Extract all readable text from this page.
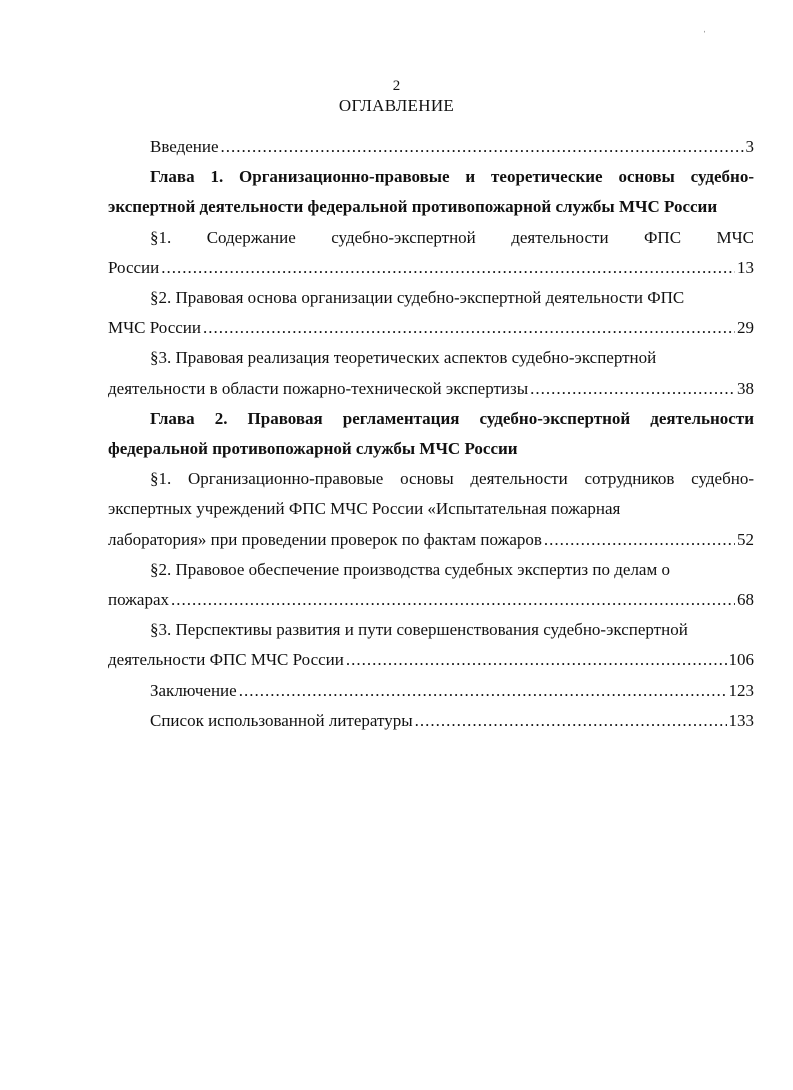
ˈ
2
ОГЛАВЛЕНИЕ
Введение .....	3

Глава 1. Организационно-правовые и теоретические основы судебно-экспертной деятельности федеральной противопожарной службы МЧС России

§1. Содержание судебно-экспертной деятельности ФПС МЧС
России .....	13
§2. Правовая основа организации судебно-экспертной деятельности ФПС
МЧС России .....	29
§3. Правовая реализация теоретических аспектов судебно-экспертной
деятельности в области пожарно-технической экспертизы .....	38

Глава 2. Правовая регламентация судебно-экспертной деятельности федеральной противопожарной службы МЧС России

§1. Организационно-правовые основы деятельности сотрудников судебно-экспертных учреждений ФПС МЧС России «Испытательная пожарная

лаборатория» при проведении проверок по фактам пожаров .....	52
§2. Правовое обеспечение производства судебных экспертиз по делам о
пожарах .....	68
§3. Перспективы развития и пути совершенствования судебно-экспертной
деятельности ФПС МЧС России .....	106
Заключение .....	123
Список использованной литературы .....	133
